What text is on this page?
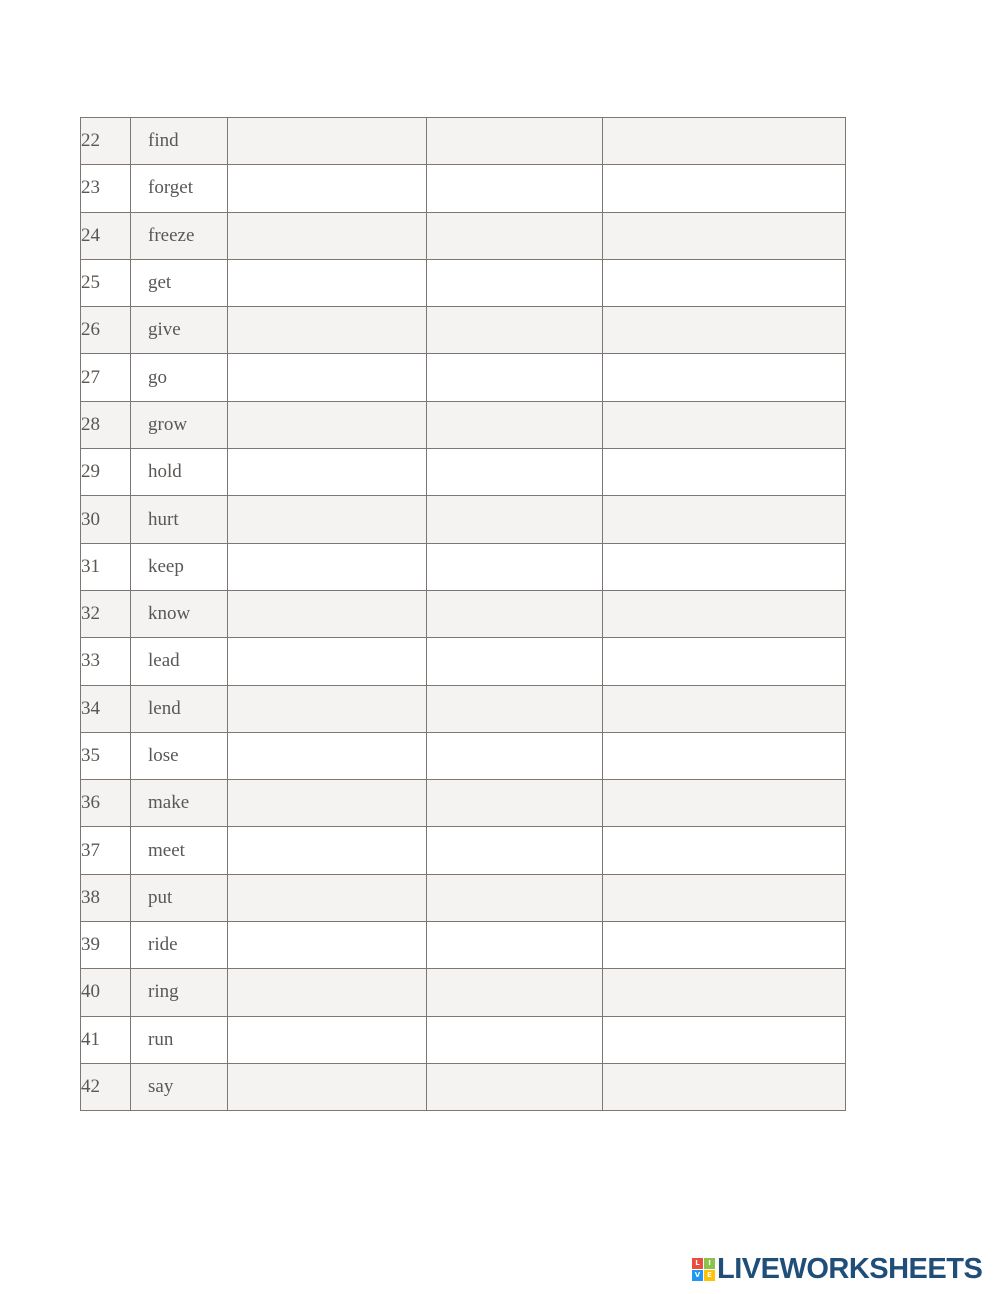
22	find	

23	forget	

24	freeze	

25	get	

26	give	

27	go	

28	grow	

29	hold	

30	hurt	

31	keep	

32	know	

33	lead	

34	lend	

35	lose	

36	make	

37	meet	

38	put	

39	ride	

40	ring	

41	run	

42	say	

L	I
V E LIVEWORKSHEETS
